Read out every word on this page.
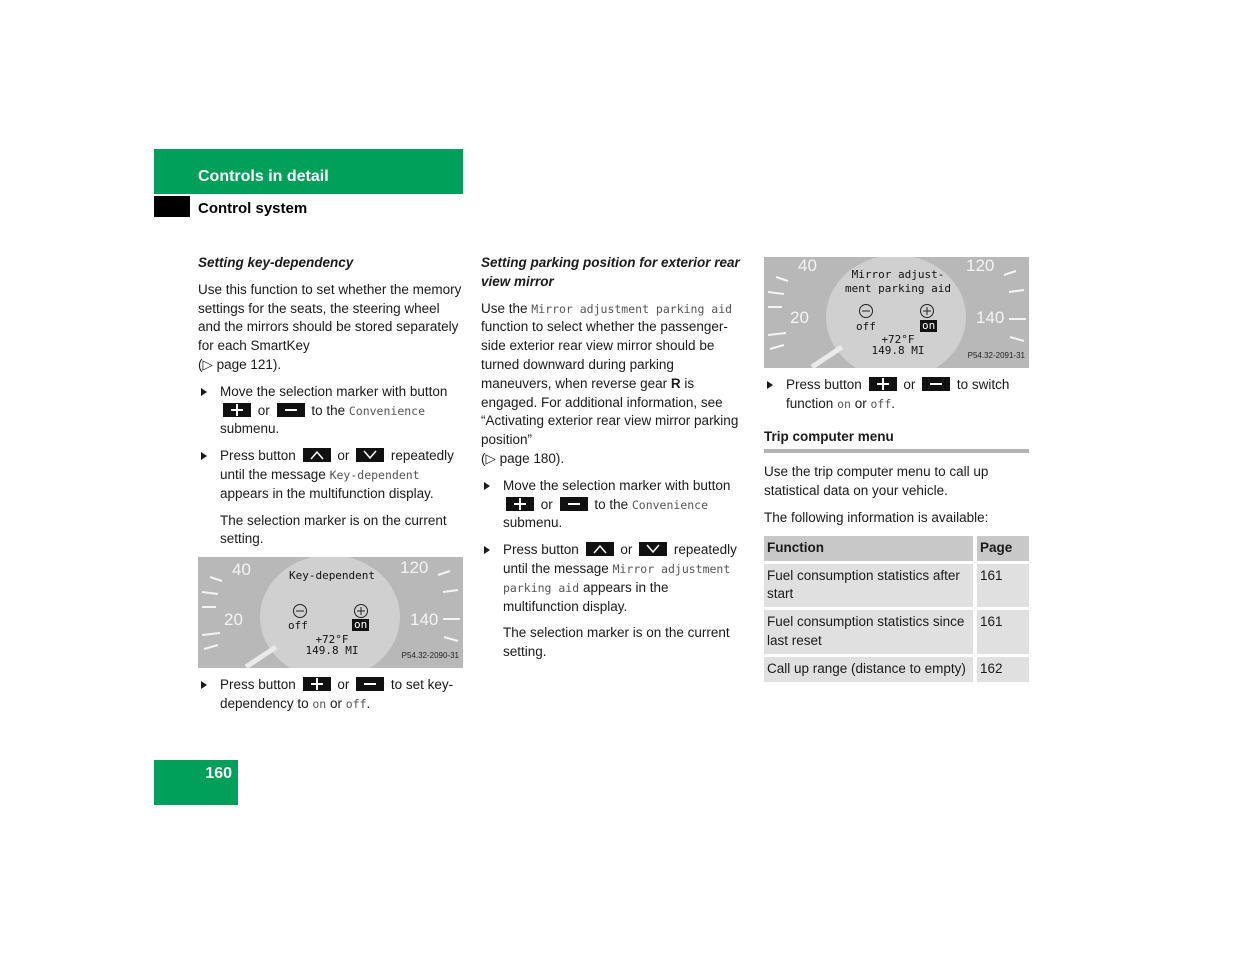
Controls in detail
Control system
Setting key-dependency

Use this function to set whether the memory settings for the seats, the steering wheel and the mirrors should be stored separately for each SmartKey
(▷ page 121).

Move the selection marker with button  or	to the Convenience submenu.
Press button	or	repeatedly until the message Key-dependent appears in the multifunction display.

The selection marker is on the current setting.

40
20
120
140
Key-dependent
off	on
+72°F
149.8 MI	P54.32-2090-31
Press button	or	to set key-dependency to on or off.
Setting parking position for exterior rear view mirror

Use the Mirror adjustment parking aid function to select whether the passenger-side exterior rear view mirror should be turned downward during parking maneuvers, when reverse gear R is engaged. For additional information, see “Activating exterior rear view mirror parking position”
(▷ page 180).

Move the selection marker with button  or	to the Convenience submenu.
Press button	or	repeatedly until the message Mirror adjustment parking aid appears in the multifunction display.

The selection marker is on the current setting.

40
20
120
140
Mirror adjust-
ment parking aid
off	on
+72°F
149.8 MI	P54.32-2091-31
Press button	or	to switch function on or off.
Trip computer menu

Use the trip computer menu to call up statistical data on your vehicle.

The following information is available:

Function	Page
Fuel consumption statistics after start	161
Fuel consumption statistics since last reset	161
Call up range (distance to empty)	162
160
